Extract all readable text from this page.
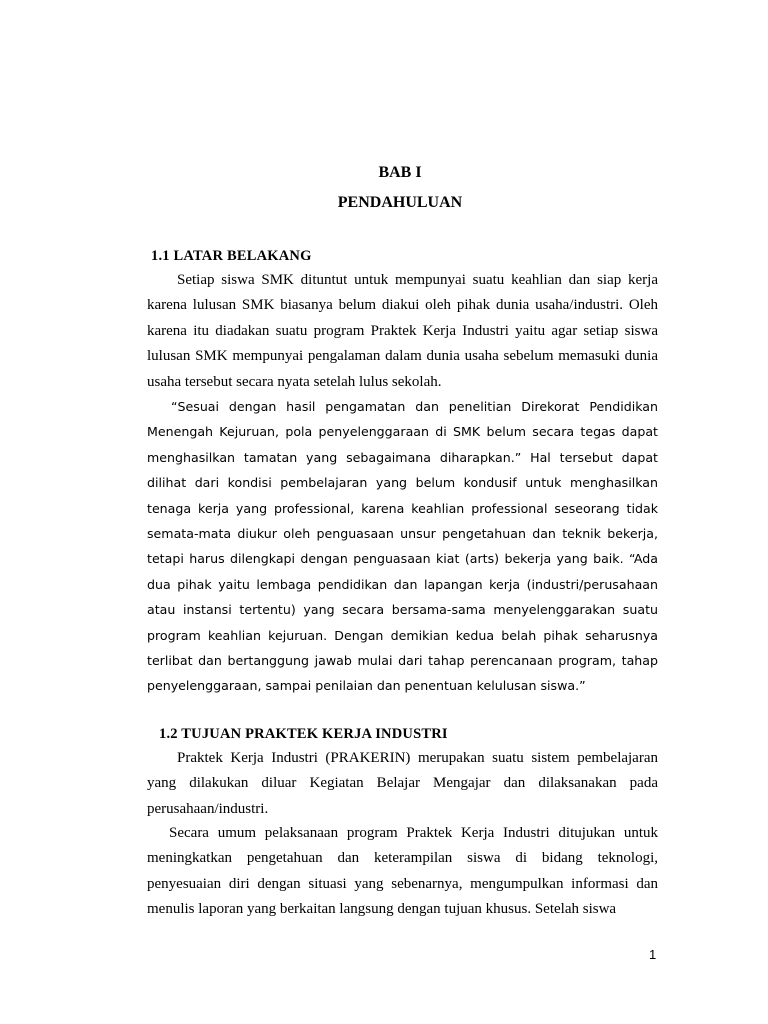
BAB I
PENDAHULUAN
1.1 LATAR BELAKANG

Setiap siswa SMK dituntut untuk mempunyai suatu keahlian dan siap kerja karena lulusan SMK biasanya belum diakui oleh pihak dunia usaha/industri. Oleh karena itu diadakan suatu program Praktek Kerja Industri yaitu agar setiap siswa lulusan SMK mempunyai pengalaman dalam dunia usaha sebelum memasuki dunia usaha tersebut secara nyata setelah lulus sekolah.

“Sesuai dengan hasil pengamatan dan penelitian Direkorat Pendidikan Menengah Kejuruan, pola penyelenggaraan di SMK belum secara tegas dapat menghasilkan tamatan yang sebagaimana diharapkan.” Hal tersebut dapat dilihat dari kondisi pembelajaran yang belum kondusif untuk menghasilkan tenaga kerja yang professional, karena keahlian professional seseorang tidak semata-mata diukur oleh penguasaan unsur pengetahuan dan teknik bekerja, tetapi harus dilengkapi dengan penguasaan kiat (arts) bekerja yang baik. “Ada dua pihak yaitu lembaga pendidikan dan lapangan kerja (industri/perusahaan atau instansi tertentu) yang secara bersama-sama menyelenggarakan suatu program keahlian kejuruan. Dengan demikian kedua belah pihak seharusnya terlibat dan bertanggung jawab mulai dari tahap perencanaan program, tahap penyelenggaraan, sampai penilaian dan penentuan kelulusan siswa.”

1.2 TUJUAN PRAKTEK KERJA INDUSTRI

Praktek Kerja Industri (PRAKERIN) merupakan suatu sistem pembelajaran yang dilakukan diluar Kegiatan Belajar Mengajar dan dilaksanakan pada perusahaan/industri.

Secara umum pelaksanaan program Praktek Kerja Industri ditujukan untuk meningkatkan pengetahuan dan keterampilan siswa di bidang teknologi, penyesuaian diri dengan situasi yang sebenarnya, mengumpulkan informasi dan menulis laporan yang berkaitan langsung dengan tujuan khusus. Setelah siswa

1
